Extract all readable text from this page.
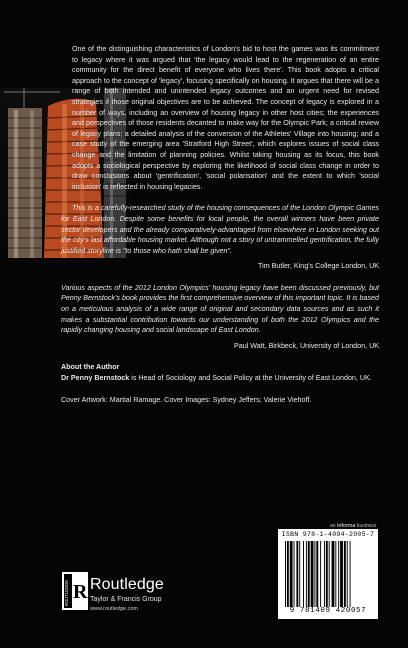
One of the distinguishing characteristics of London's bid to host the games was its commitment to legacy where it was argued that 'the legacy would lead to the regeneration of an entire community for the direct benefit of everyone who lives there'. This book adopts a critical approach to the concept of 'legacy', focusing specifically on housing. It argues that there will be a range of both intended and unintended legacy outcomes and an urgent need for revised strategies if those original objectives are to be achieved. The concept of legacy is explored in a number of ways, including an overview of housing legacy in other host cities; the experiences and perspectives of those residents decanted to make way for the Olympic Park; a critical review of legacy plans; a detailed analysis of the conversion of the Athletes' Village into housing; and a case study of the emerging area 'Stratford High Street', which explores issues of social class change and the limitation of planning policies. Whilst taking housing as its focus, this book adopts a sociological perspective by exploring the likelihood of social class change in order to draw conclusions about 'gentrification', 'social polarisation' and the extent to which 'social inclusion' is reflected in housing legacies.

This is a carefully-researched study of the housing consequences of the London Olympic Games for East London. Despite some benefits for local people, the overall winners have been private sector developers and the already comparatively-advantaged from elsewhere in London seeking out the city's last affordable housing market. Although not a story of untrammelled gentrification, the fully justified storyline is "to those who hath shall be given".

Tim Butler, King's College London, UK

Various aspects of the 2012 London Olympics' housing legacy have been discussed previously, but Penny Bernstock's book provides the first comprehensive overview of this important topic. It is based on a meticulous analysis of a wide range of original and secondary data sources and as such it makes a substantial contribution towards our understanding of both the 2012 Olympics and the rapidly changing housing and social landscape of East London.

Paul Watt, Birkbeck, University of London, UK

About the Author

Dr Penny Bernstock is Head of Sociology and Social Policy at the University of East London, UK.

Cover Artwork: Martial Ramage. Cover Images: Sydney Jeffers; Valerie Viehoff.

an informa business
ROUTLEDGE R Routledge
Taylor & Francis Group
www.routledge.com
ISBN 978-1-4094-2005-7
9 781409 420057
